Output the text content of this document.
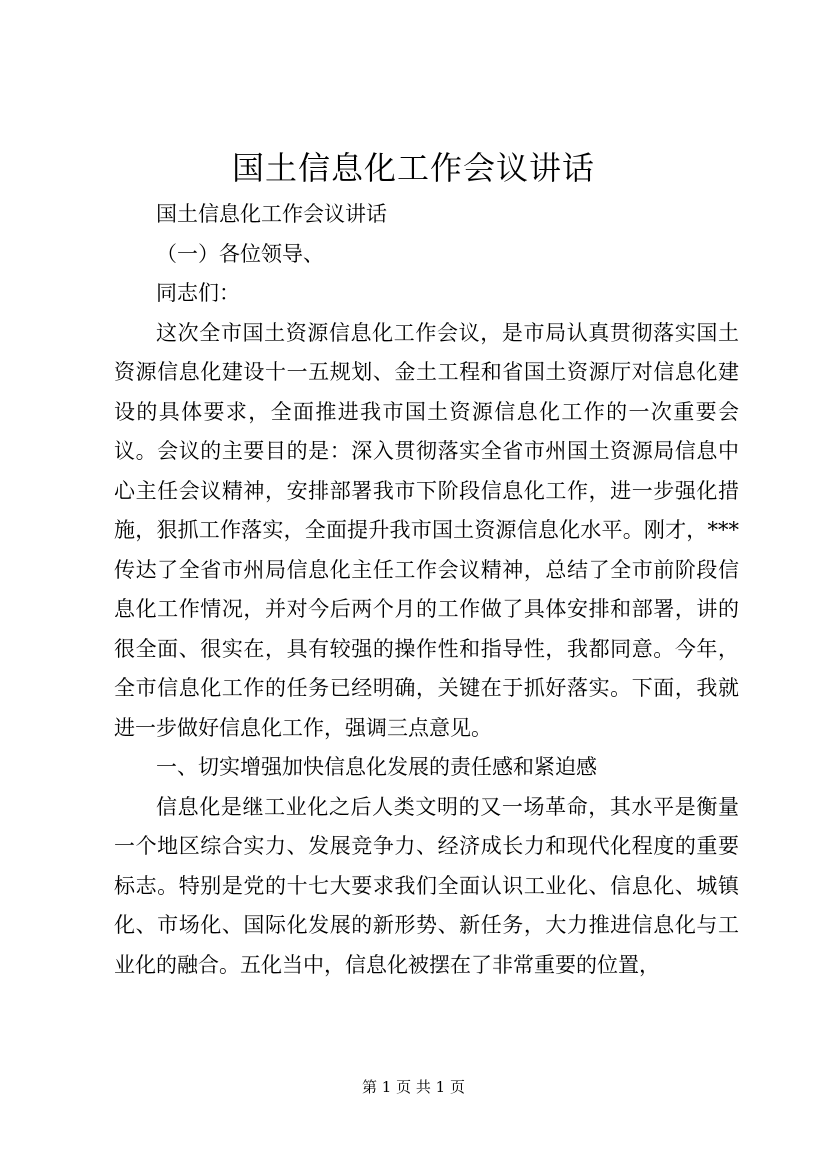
国土信息化工作会议讲话

国土信息化工作会议讲话

（一）各位领导、

同志们：

这次全市国土资源信息化工作会议，是市局认真贯彻落实国土资源信息化建设十一五规划、金土工程和省国土资源厅对信息化建设的具体要求，全面推进我市国土资源信息化工作的一次重要会议。会议的主要目的是：深入贯彻落实全省市州国土资源局信息中心主任会议精神，安排部署我市下阶段信息化工作，进一步强化措施，狠抓工作落实，全面提升我市国土资源信息化水平。刚才，***传达了全省市州局信息化主任工作会议精神，总结了全市前阶段信息化工作情况，并对今后两个月的工作做了具体安排和部署，讲的很全面、很实在，具有较强的操作性和指导性，我都同意。今年，全市信息化工作的任务已经明确，关键在于抓好落实。下面，我就进一步做好信息化工作，强调三点意见。

一、切实增强加快信息化发展的责任感和紧迫感

信息化是继工业化之后人类文明的又一场革命，其水平是衡量一个地区综合实力、发展竞争力、经济成长力和现代化程度的重要标志。特别是党的十七大要求我们全面认识工业化、信息化、城镇化、市场化、国际化发展的新形势、新任务，大力推进信息化与工业化的融合。五化当中，信息化被摆在了非常重要的位置，

第 1 页 共 1 页
